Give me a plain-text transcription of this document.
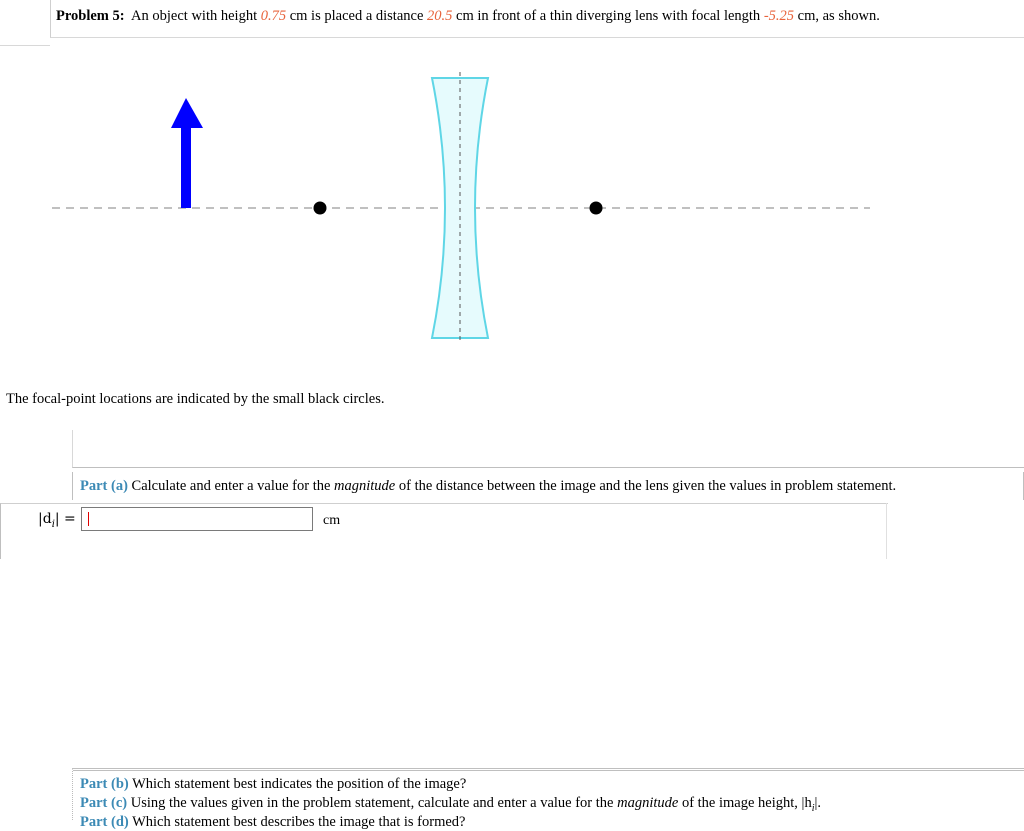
Problem 5: An object with height 0.75 cm is placed a distance 20.5 cm in front of a thin diverging lens with focal length -5.25 cm, as shown.
The focal-point locations are indicated by the small black circles.
Part (a) Calculate and enter a value for the magnitude of the distance between the image and the lens given the values in problem statement.
$|d_i|$ =	cm
Part (b) Which statement best indicates the position of the image?
Part (c) Using the values given in the problem statement, calculate and enter a value for the magnitude of the image height, $|h_i|$.
Part (d) Which statement best describes the image that is formed?
